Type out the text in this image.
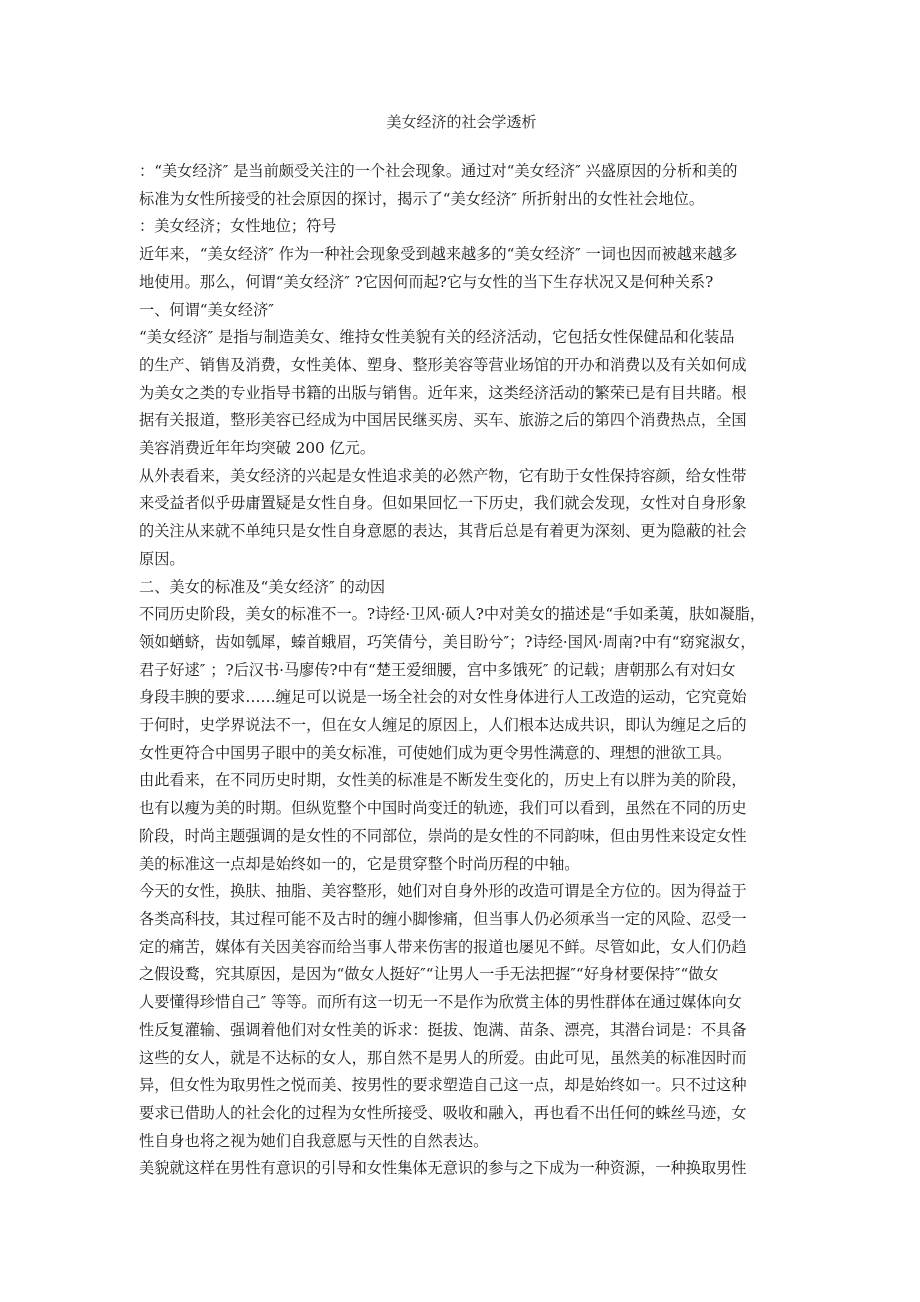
美女经济的社会学透析

：“美女经济″ 是当前颇受关注的一个社会现象。通过对“美女经济″ 兴盛原因的分析和美的
标准为女性所接受的社会原因的探讨，揭示了“美女经济″ 所折射出的女性社会地位。

：美女经济；女性地位；符号

近年来，“美女经济″ 作为一种社会现象受到越来越多的“美女经济″ 一词也因而被越来越多
地使用。那么，何谓“美女经济″ ?它因何而起?它与女性的当下生存状况又是何种关系?

一、何谓“美女经济″

“美女经济″ 是指与制造美女、维持女性美貌有关的经济活动，它包括女性保健品和化装品
的生产、销售及消费，女性美体、塑身、整形美容等营业场馆的开办和消费以及有关如何成
为美女之类的专业指导书籍的出版与销售。近年来，这类经济活动的繁荣已是有目共睹。根
据有关报道，整形美容已经成为中国居民继买房、买车、旅游之后的第四个消费热点，全国
美容消费近年年均突破 200 亿元。

从外表看来，美女经济的兴起是女性追求美的必然产物，它有助于女性保持容颜，给女性带
来受益者似乎毋庸置疑是女性自身。但如果回忆一下历史，我们就会发现，女性对自身形象
的关注从来就不单纯只是女性自身意愿的表达，其背后总是有着更为深刻、更为隐蔽的社会
原因。

二、美女的标准及“美女经济″ 的动因

不同历史阶段，美女的标准不一。?诗经·卫风·硕人?中对美女的描述是“手如柔荑，肤如凝脂，
领如蝤蛴，齿如瓠犀，螓首蛾眉，巧笑倩兮，美目盼兮″；?诗经·国风·周南?中有“窈窕淑女，
君子好逑″ ；?后汉书·马廖传?中有“楚王爱细腰，宫中多饿死″ 的记载；唐朝那么有对妇女
身段丰腴的要求……缠足可以说是一场全社会的对女性身体进行人工改造的运动，它究竟始
于何时，史学界说法不一，但在女人缠足的原因上，人们根本达成共识，即认为缠足之后的
女性更符合中国男子眼中的美女标准，可使她们成为更令男性满意的、理想的泄欲工具。

由此看来，在不同历史时期，女性美的标准是不断发生变化的，历史上有以胖为美的阶段，
也有以瘦为美的时期。但纵览整个中国时尚变迁的轨迹，我们可以看到，虽然在不同的历史
阶段，时尚主题强调的是女性的不同部位，崇尚的是女性的不同韵味，但由男性来设定女性
美的标准这一点却是始终如一的，它是贯穿整个时尚历程的中轴。

今天的女性，换肤、抽脂、美容整形，她们对自身外形的改造可谓是全方位的。因为得益于
各类高科技，其过程可能不及古时的缠小脚惨痛，但当事人仍必须承当一定的风险、忍受一
定的痛苦，媒体有关因美容而给当事人带来伤害的报道也屡见不鲜。尽管如此，女人们仍趋
之假设鹜，究其原因，是因为“做女人挺好″“让男人一手无法把握″“好身材要保持″“做女
人要懂得珍惜自己″ 等等。而所有这一切无一不是作为欣赏主体的男性群体在通过媒体向女
性反复灌输、强调着他们对女性美的诉求：挺拔、饱满、苗条、漂亮，其潜台词是：不具备
这些的女人，就是不达标的女人，那自然不是男人的所爱。由此可见，虽然美的标准因时而
异，但女性为取男性之悦而美、按男性的要求塑造自己这一点，却是始终如一。只不过这种
要求已借助人的社会化的过程为女性所接受、吸收和融入，再也看不出任何的蛛丝马迹，女
性自身也将之视为她们自我意愿与天性的自然表达。

美貌就这样在男性有意识的引导和女性集体无意识的参与之下成为一种资源，一种换取男性
